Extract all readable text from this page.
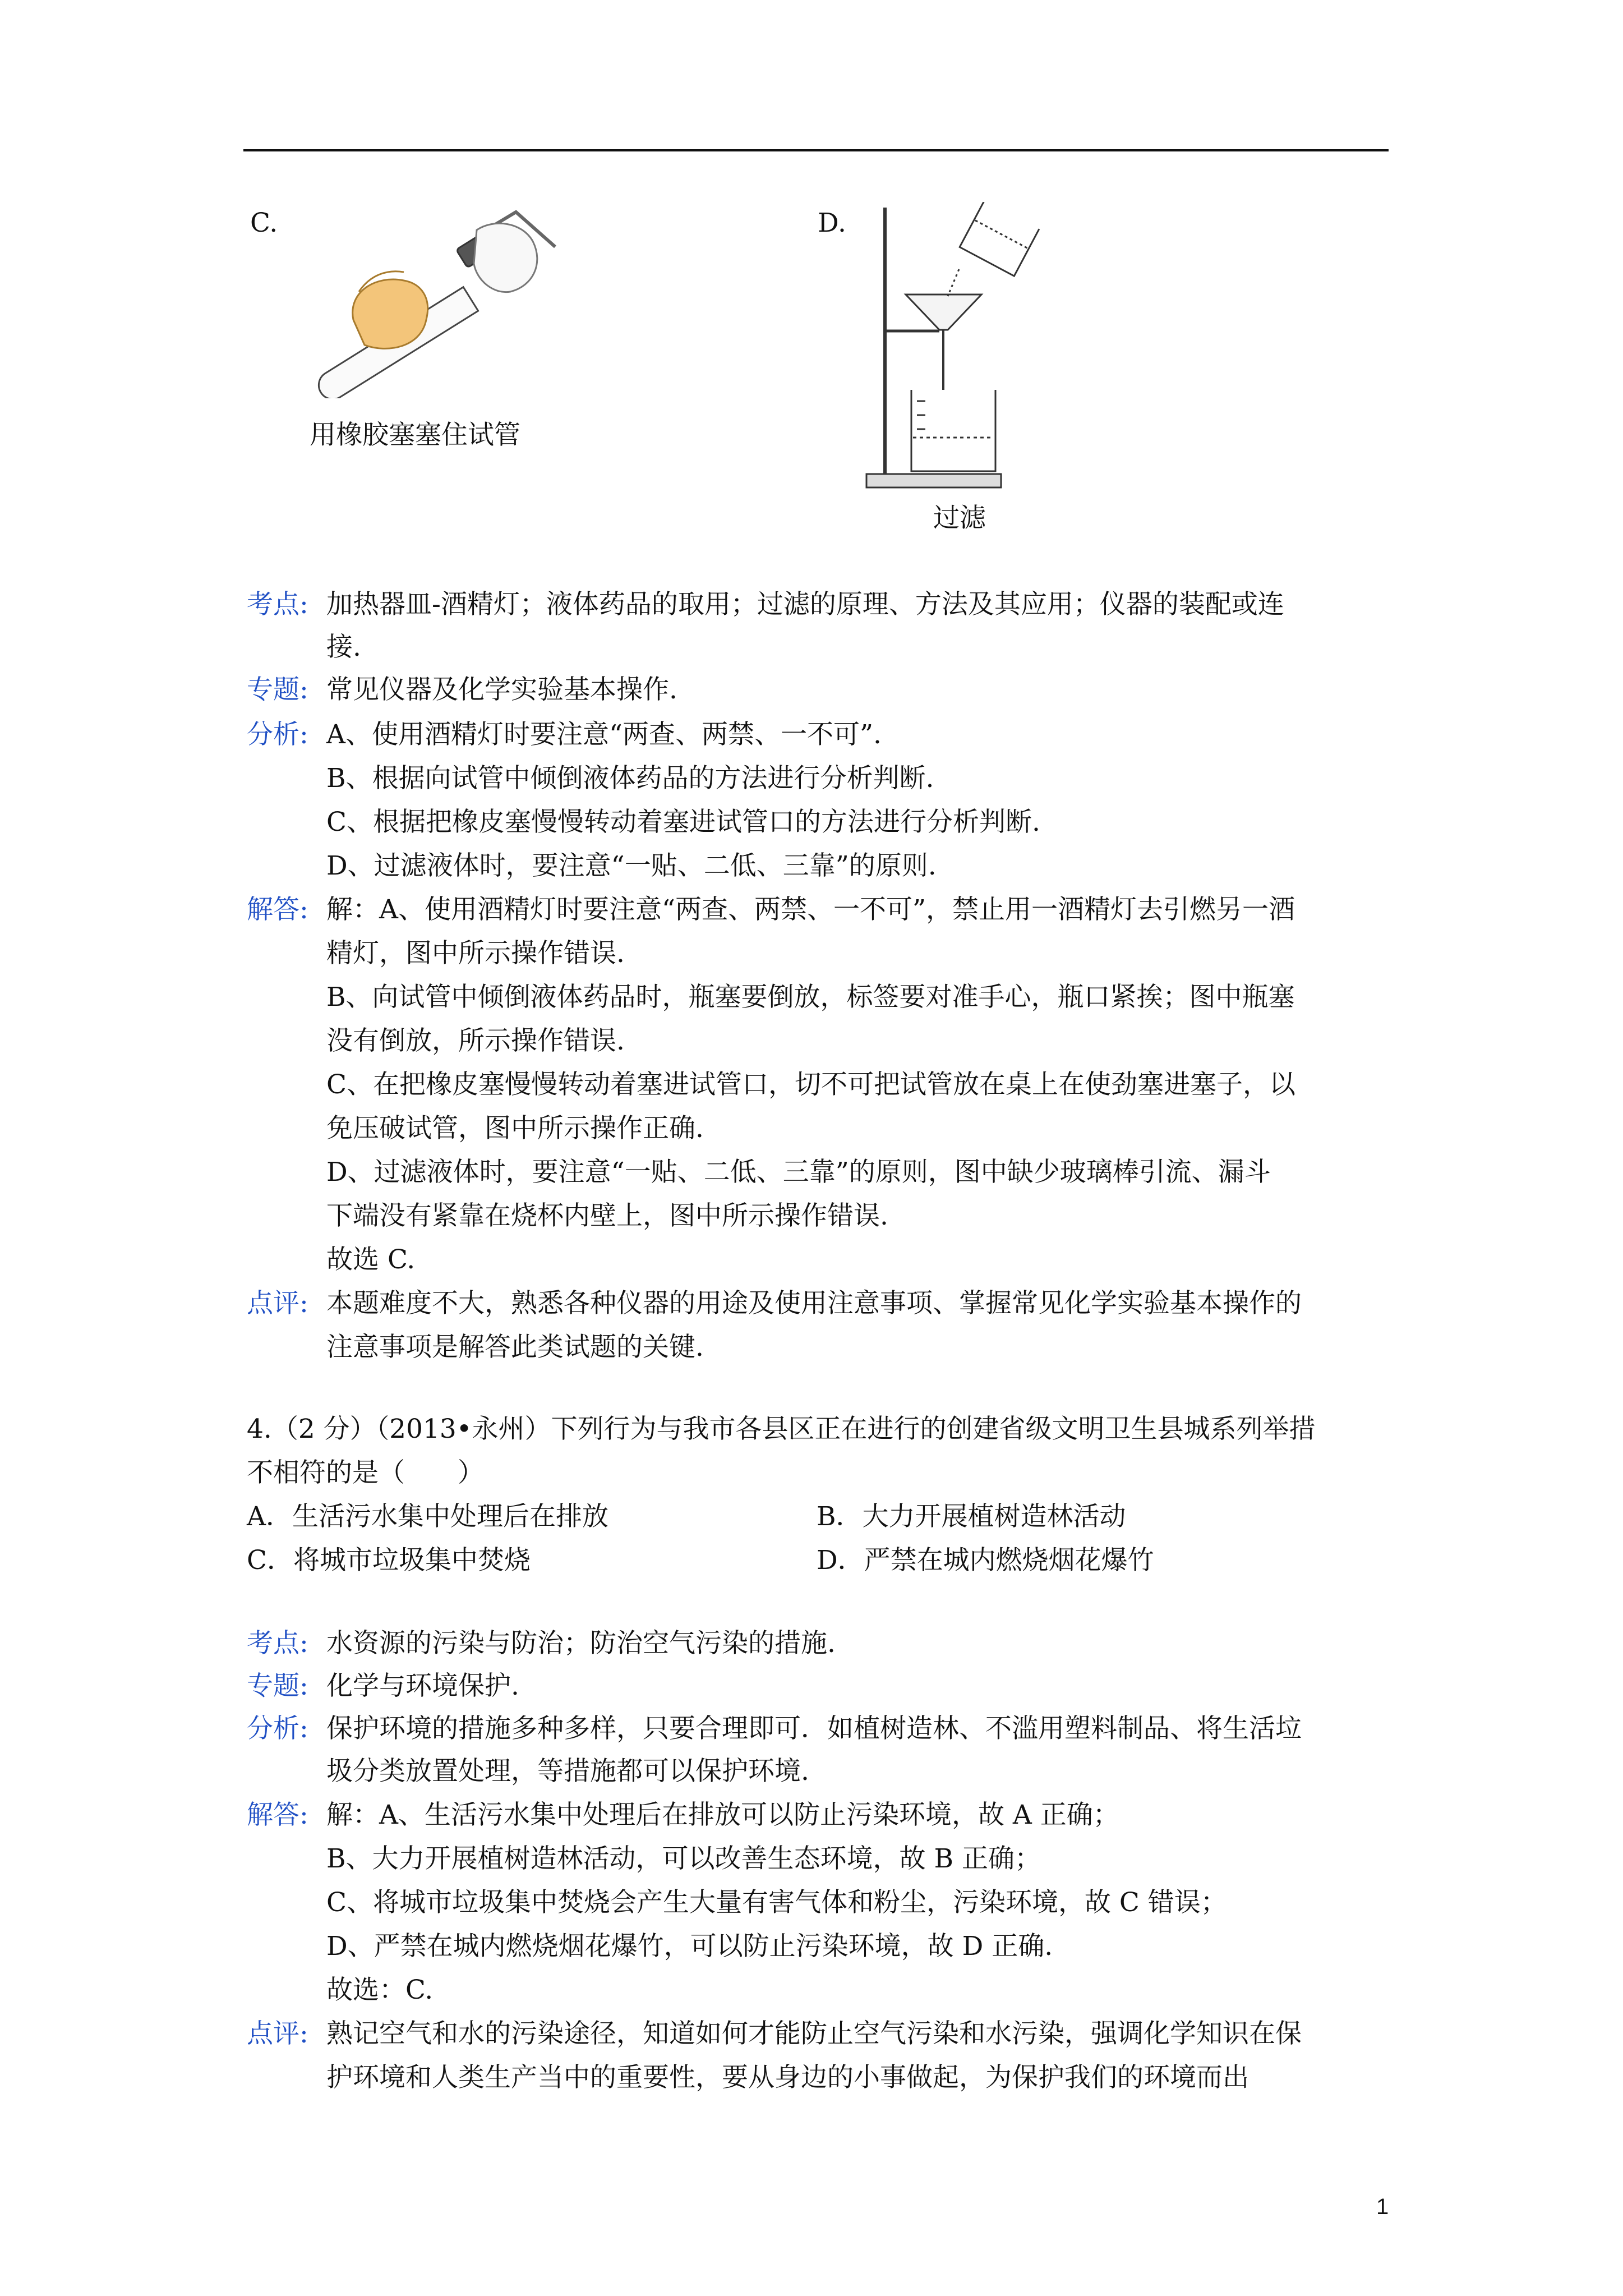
C.
用橡胶塞塞住试管
D.
过滤
考点: 加热器皿-酒精灯；液体药品的取用；过滤的原理、方法及其应用；仪器的装配或连
接.
专题: 常见仪器及化学实验基本操作.
分析: A、使用酒精灯时要注意“两查、两禁、一不可”.
B、根据向试管中倾倒液体药品的方法进行分析判断.
C、根据把橡皮塞慢慢转动着塞进试管口的方法进行分析判断.
D、过滤液体时，要注意“一贴、二低、三靠”的原则.
解答: 解：A、使用酒精灯时要注意“两查、两禁、一不可”，禁止用一酒精灯去引燃另一酒
精灯，图中所示操作错误.
B、向试管中倾倒液体药品时，瓶塞要倒放，标签要对准手心，瓶口紧挨；图中瓶塞
没有倒放，所示操作错误.
C、在把橡皮塞慢慢转动着塞进试管口，切不可把试管放在桌上在使劲塞进塞子，以
免压破试管，图中所示操作正确.
D、过滤液体时，要注意“一贴、二低、三靠”的原则，图中缺少玻璃棒引流、漏斗
下端没有紧靠在烧杯内壁上，图中所示操作错误.
故选 C.
点评: 本题难度不大，熟悉各种仪器的用途及使用注意事项、掌握常见化学实验基本操作的
注意事项是解答此类试题的关键.
4.（2 分）（2013•永州）下列行为与我市各县区正在进行的创建省级文明卫生县城系列举措
不相符的是（　　）
A．生活污水集中处理后在排放	B．大力开展植树造林活动
C．将城市垃圾集中焚烧	D．严禁在城内燃烧烟花爆竹
考点: 水资源的污染与防治；防治空气污染的措施.
专题: 化学与环境保护.
分析: 保护环境的措施多种多样，只要合理即可．如植树造林、不滥用塑料制品、将生活垃
圾分类放置处理，等措施都可以保护环境.
解答: 解：A、生活污水集中处理后在排放可以防止污染环境，故 A 正确；
B、大力开展植树造林活动，可以改善生态环境，故 B 正确；
C、将城市垃圾集中焚烧会产生大量有害气体和粉尘，污染环境，故 C 错误；
D、严禁在城内燃烧烟花爆竹，可以防止污染环境，故 D 正确.
故选：C.
点评: 熟记空气和水的污染途径，知道如何才能防止空气污染和水污染，强调化学知识在保
护环境和人类生产当中的重要性，要从身边的小事做起，为保护我们的环境而出
1
